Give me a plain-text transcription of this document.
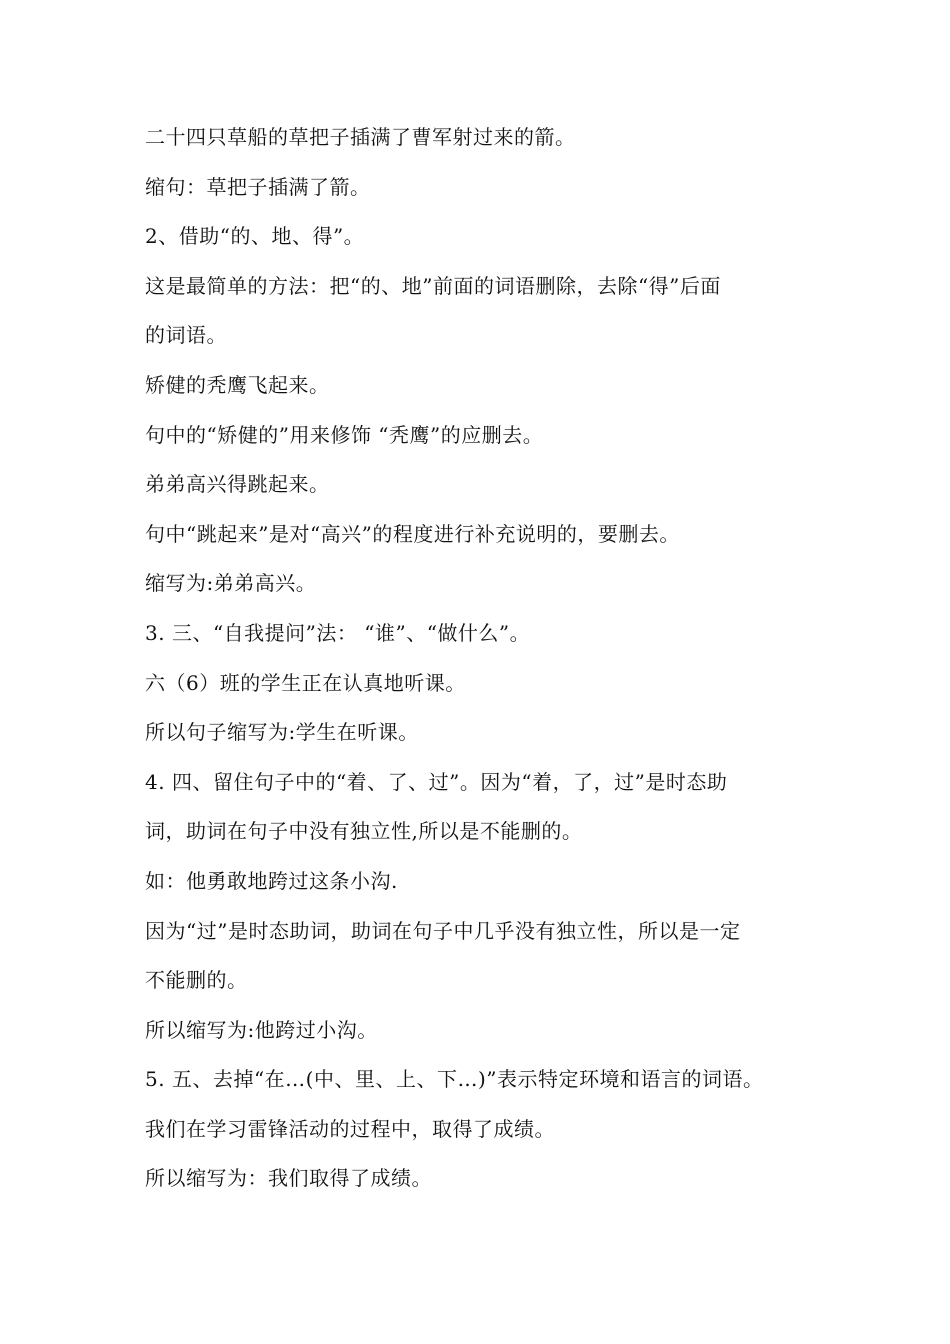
二十四只草船的草把子插满了曹军射过来的箭。
缩句：草把子插满了箭。
2、借助“的、地、得”。
这是最简单的方法：把“的、地”前面的词语删除，去除“得”后面
的词语。
矫健的秃鹰飞起来。
句中的“矫健的”用来修饰 “秃鹰”的应删去。
弟弟高兴得跳起来。
句中“跳起来”是对“高兴”的程度进行补充说明的，要删去。
缩写为:弟弟高兴。
3. 三、“自我提问”法： “谁”、“做什么”。
六（6）班的学生正在认真地听课。
所以句子缩写为:学生在听课。
4. 四、留住句子中的“着、了、过”。因为“着，了，过”是时态助
词，助词在句子中没有独立性,所以是不能删的。
如：他勇敢地跨过这条小沟.
因为“过”是时态助词，助词在句子中几乎没有独立性，所以是一定
不能删的。
所以缩写为:他跨过小沟。
5. 五、去掉“在…(中、里、上、下…)”表示特定环境和语言的词语。
我们在学习雷锋活动的过程中，取得了成绩。
所以缩写为：我们取得了成绩。
